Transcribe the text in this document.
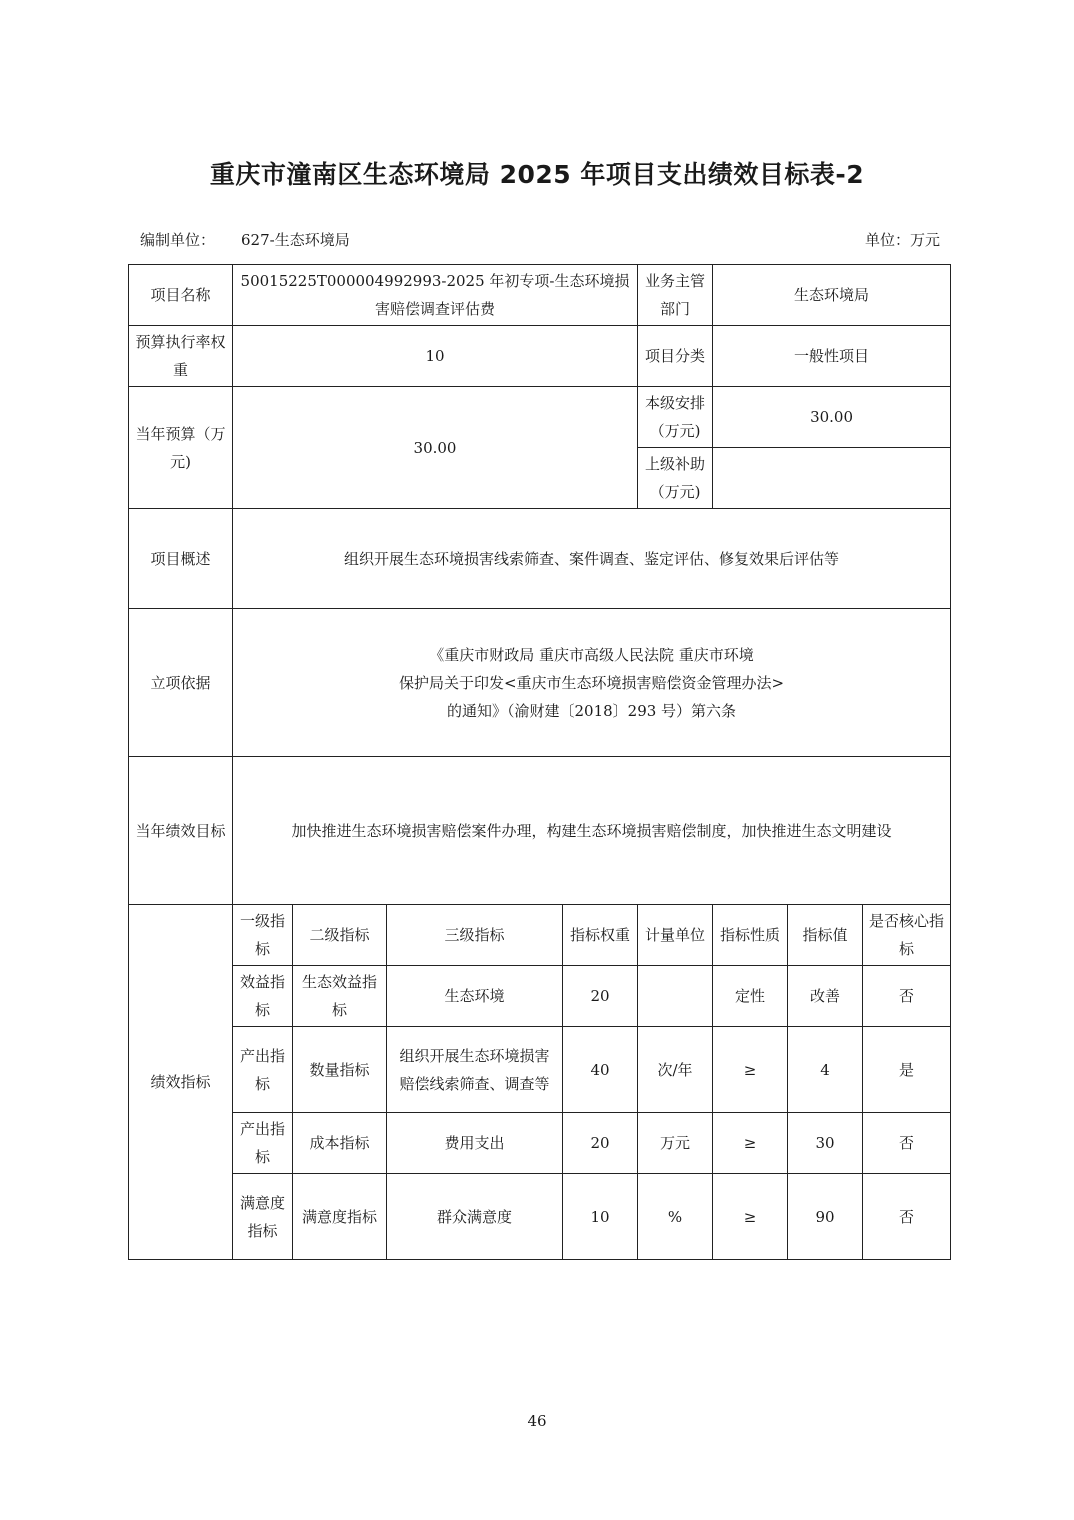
重庆市潼南区生态环境局 2025 年项目支出绩效目标表-2
编制单位： 627-生态环境局	单位：万元
项目名称	50015225T000004992993-2025 年初专项-生态环境损害赔偿调查评估费				业务主管部门	生态环境局		
预算执行率权重	10				项目分类	一般性项目		
当年预算（万元)	30.00				本级安排（万元)	30.00		
					上级补助（万元)			
项目概述	组织开展生态环境损害线索筛查、案件调查、鉴定评估、修复效果后评估等							
立项依据	《重庆市财政局 重庆市高级人民法院 重庆市环境
保护局关于印发<重庆市生态环境损害赔偿资金管理办法>
的通知》（渝财建〔2018〕293 号）第六条							

当年绩效目标	加快推进生态环境损害赔偿案件办理，构建生态环境损害赔偿制度，加快推进生态文明建设							
绩效指标	一级指标	二级指标	三级指标	指标权重	计量单位	指标性质	指标值	是否核心指标
	效益指标	生态效益指标	生态环境	20		定性	改善	否
	产出指标	数量指标	组织开展生态环境损害赔偿线索筛查、调查等	40	次/年	≥	4	是
	产出指标	成本指标	费用支出	20	万元	≥	30	否
	满意度指标	满意度指标	群众满意度	10	%	≥	90	否
46
